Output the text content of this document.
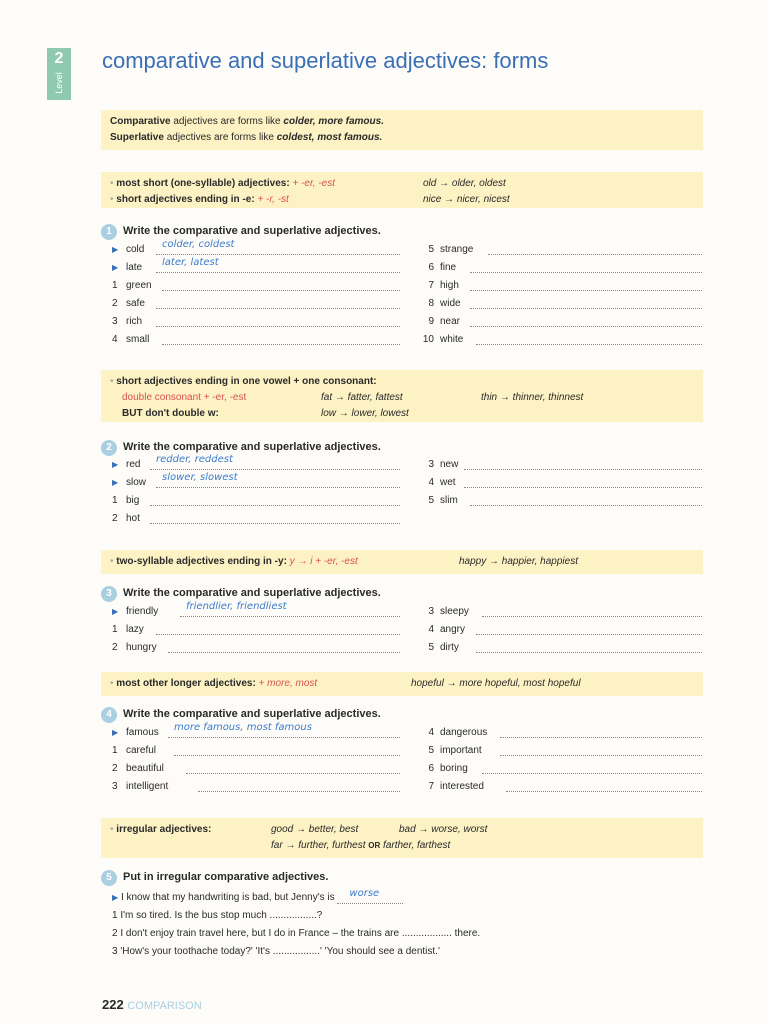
2
Level
comparative and superlative adjectives: forms
Comparative adjectives are forms like colder, more famous.
Superlative adjectives are forms like coldest, most famous.
• most short (one-syllable) adjectives: + -er, -est	old → older, oldest
• short adjectives ending in -e: + -r, -st	nice → nicer, nicest
1 Write the comparative and superlative adjectives.
▶ cold colder, coldest
▶ late later, latest
1 green
2 safe
3 rich
4 small
5 strange
6 fine
7 high
8 wide
9 near
10 white
• short adjectives ending in one vowel + one consonant:
double consonant + -er, -est	fat → fatter, fattest	thin → thinner, thinnest
BUT don't double w:	low → lower, lowest
2 Write the comparative and superlative adjectives.
▶ red redder, reddest
▶ slow slower, slowest
1 big
2 hot
3 new
4 wet
5 slim
• two-syllable adjectives ending in -y: y → i + -er, -est	happy → happier, happiest
3 Write the comparative and superlative adjectives.
▶ friendly	friendlier, friendliest
1 lazy
2 hungry
3 sleepy
4 angry
5 dirty
• most other longer adjectives: + more, most	hopeful → more hopeful, most hopeful
4 Write the comparative and superlative adjectives.
▶ famous more famous, most famous
1 careful
2 beautiful
3 intelligent
4 dangerous
5 important
6 boring
7 interested
• irregular adjectives:	good → better, best	bad → worse, worst
far → further, furthest OR farther, farthest
5 Put in irregular comparative adjectives.
▶ I know that my handwriting is bad, but Jenny's is worse

1 I'm so tired. Is the bus stop much .................?
2 I don't enjoy train travel here, but I do in France – the trains are .................. there.
3 'How's your toothache today?' 'It's .................' 'You should see a dentist.'
222 COMPARISON
